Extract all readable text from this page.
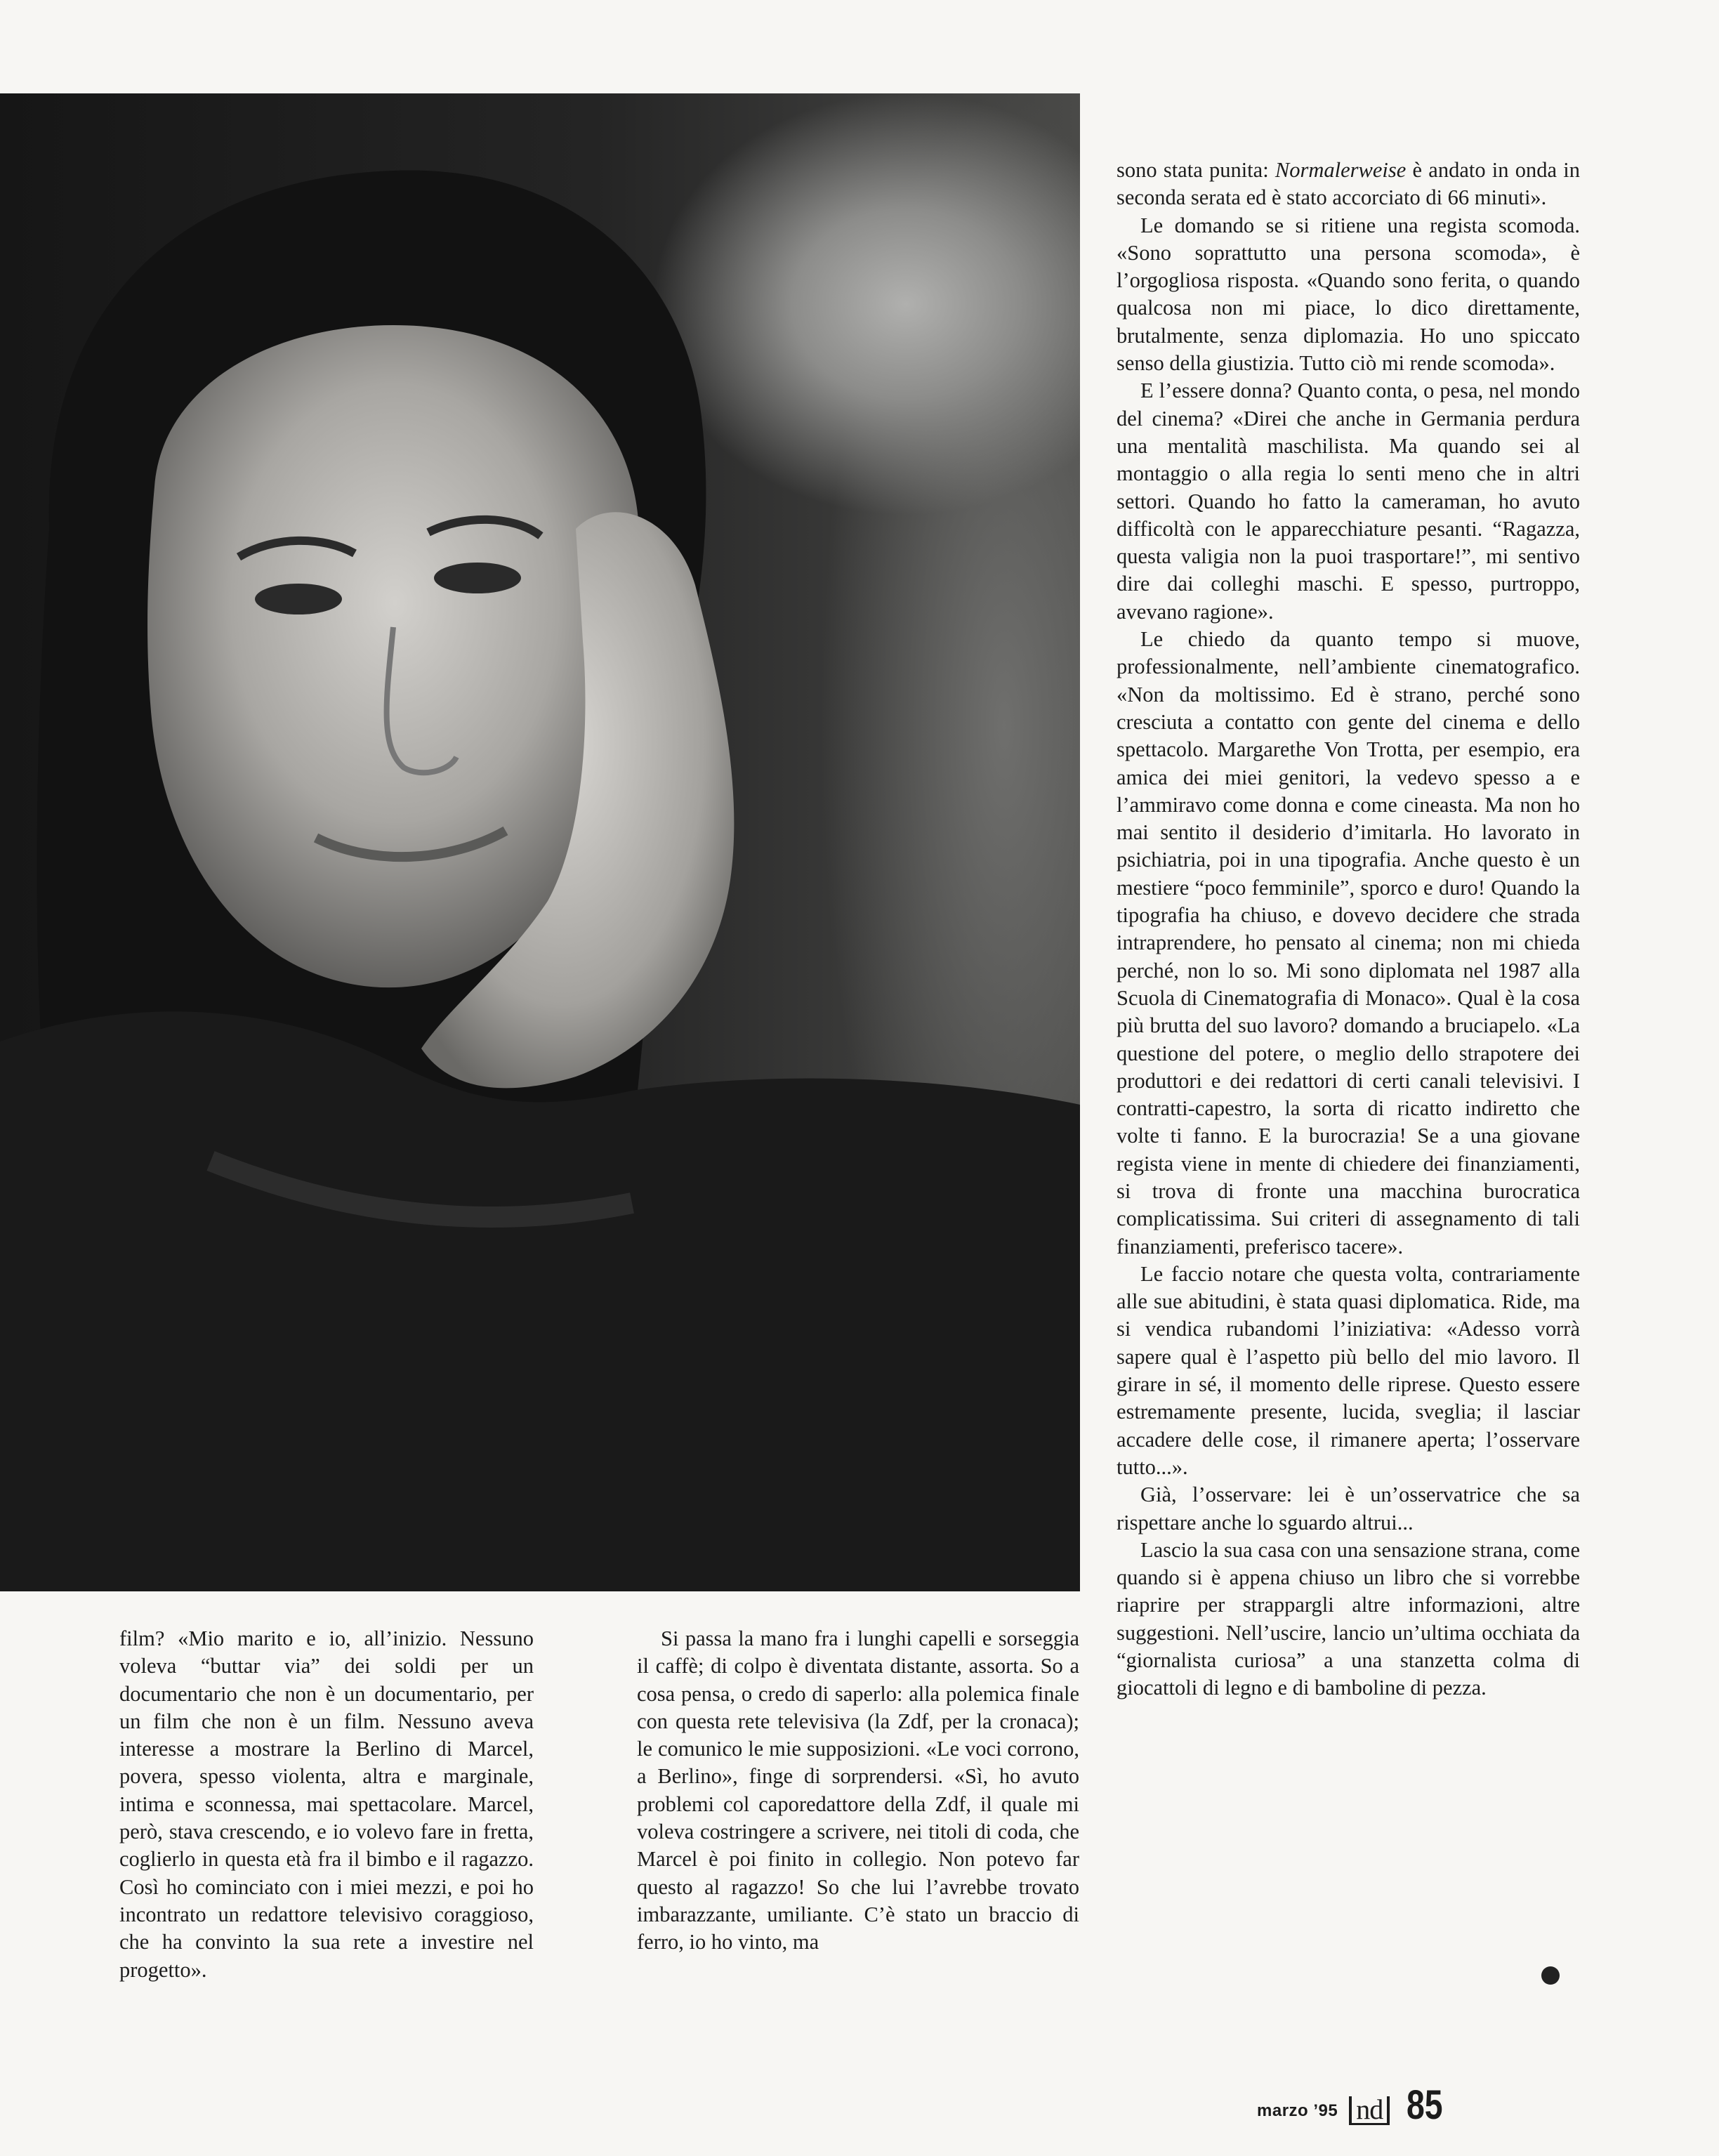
film? «Mio marito e io, all’inizio. Nessuno voleva “buttar via” dei soldi per un documentario che non è un documentario, per un film che non è un film. Nessuno aveva interesse a mostrare la Berlino di Marcel, povera, spesso violenta, altra e marginale, intima e sconnessa, mai spettacolare. Marcel, però, stava crescendo, e io volevo fare in fretta, coglierlo in questa età fra il bimbo e il ragazzo. Così ho cominciato con i miei mezzi, e poi ho incontrato un redattore televisivo coraggioso, che ha convinto la sua rete a investire nel progetto».

Si passa la mano fra i lunghi capelli e sorseggia il caffè; di colpo è diventata distante, assorta. So a cosa pensa, o credo di saperlo: alla polemica finale con questa rete televisiva (la Zdf, per la cronaca); le comunico le mie supposizioni. «Le voci corrono, a Berlino», finge di sorprendersi. «Sì, ho avuto problemi col caporedattore della Zdf, il quale mi voleva costringere a scrivere, nei titoli di coda, che Marcel è poi finito in collegio. Non potevo far questo al ragazzo! So che lui l’avrebbe trovato imbarazzante, umiliante. C’è stato un braccio di ferro, io ho vinto, ma

sono stata punita: Normalerweise è andato in onda in seconda serata ed è stato accorciato di 66 minuti».

Le domando se si ritiene una regista scomoda. «Sono soprattutto una persona scomoda», è l’orgogliosa risposta. «Quando sono ferita, o quando qualcosa non mi piace, lo dico direttamente, brutalmente, senza diplomazia. Ho uno spiccato senso della giustizia. Tutto ciò mi rende scomoda».

E l’essere donna? Quanto conta, o pesa, nel mondo del cinema? «Direi che anche in Germania perdura una mentalità maschilista. Ma quando sei al montaggio o alla regia lo senti meno che in altri settori. Quando ho fatto la cameraman, ho avuto difficoltà con le apparecchiature pesanti. “Ragazza, questa valigia non la puoi trasportare!”, mi sentivo dire dai colleghi maschi. E spesso, purtroppo, avevano ragione».

Le chiedo da quanto tempo si muove, professionalmente, nell’ambiente cinematografico. «Non da moltissimo. Ed è strano, perché sono cresciuta a contatto con gente del cinema e dello spettacolo. Margarethe Von Trotta, per esempio, era amica dei miei genitori, la vedevo spesso a e l’ammiravo come donna e come cineasta. Ma non ho mai sentito il desiderio d’imitarla. Ho lavorato in psichiatria, poi in una tipografia. Anche questo è un mestiere “poco femminile”, sporco e duro! Quando la tipografia ha chiuso, e dovevo decidere che strada intraprendere, ho pensato al cinema; non mi chieda perché, non lo so. Mi sono diplomata nel 1987 alla Scuola di Cinematografia di Monaco». Qual è la cosa più brutta del suo lavoro? domando a bruciapelo. «La questione del potere, o meglio dello strapotere dei produttori e dei redattori di certi canali televisivi. I contratti-capestro, la sorta di ricatto indiretto che volte ti fanno. E la burocrazia! Se a una giovane regista viene in mente di chiedere dei finanziamenti, si trova di fronte una macchina burocratica complicatissima. Sui criteri di assegnamento di tali finanziamenti, preferisco tacere».

Le faccio notare che questa volta, contrariamente alle sue abitudini, è stata quasi diplomatica. Ride, ma si vendica rubandomi l’iniziativa: «Adesso vorrà sapere qual è l’aspetto più bello del mio lavoro. Il girare in sé, il momento delle riprese. Questo essere estremamente presente, lucida, sveglia; il lasciar accadere delle cose, il rimanere aperta; l’osservare tutto...».

Già, l’osservare: lei è un’osservatrice che sa rispettare anche lo sguardo altrui...

Lascio la sua casa con una sensazione strana, come quando si è appena chiuso un libro che si vorrebbe riaprire per strappargli altre informazioni, altre suggestioni. Nell’uscire, lancio un’ultima occhiata da “giornalista curiosa” a una stanzetta colma di giocattoli di legno e di bamboline di pezza.

marzo ’95 nd 85
